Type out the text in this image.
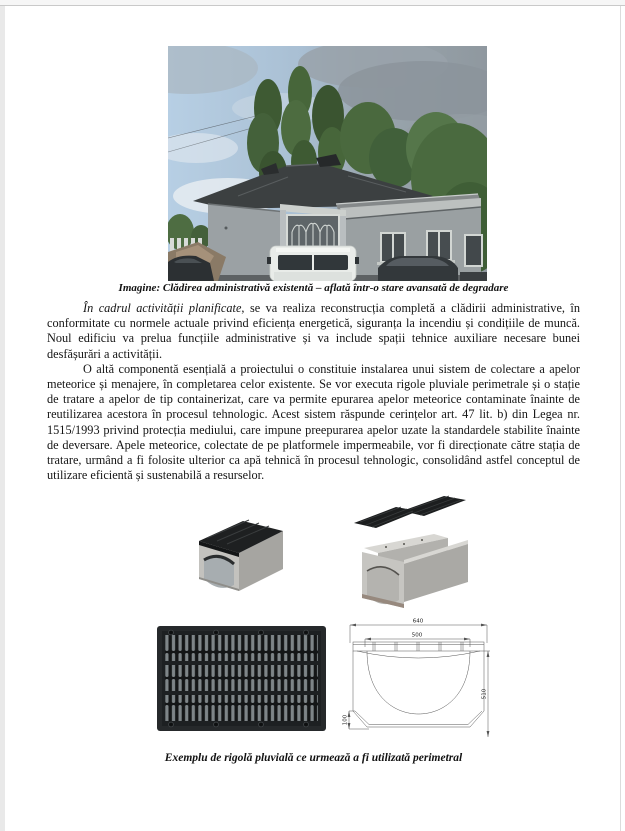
Imagine: Clădirea administrativă existentă – aflată într-o stare avansată de degradare

În cadrul activității planificate, se va realiza reconstrucția completă a clădirii administrative, în conformitate cu normele actuale privind eficiența energetică, siguranța la incendiu și condițiile de muncă. Noul edificiu va prelua funcțiile administrative și va include spații tehnice auxiliare necesare bunei desfășurări a activității.

O altă componentă esențială a proiectului o constituie instalarea unui sistem de colectare a apelor meteorice și menajere, în completarea celor existente. Se vor executa rigole pluviale perimetrale și o stație de tratare a apelor de tip containerizat, care va permite epurarea apelor meteorice contaminate înainte de reutilizarea acestora în procesul tehnologic. Acest sistem răspunde cerințelor art. 47 lit. b) din Legea nr. 1515/1993 privind protecția mediului, care impune preepurarea apelor uzate la standardele stabilite înainte de deversare. Apele meteorice, colectate de pe platformele impermeabile, vor fi direcționate către stația de tratare, urmând a fi folosite ulterior ca apă tehnică în procesul tehnologic, consolidând astfel conceptul de utilizare eficientă și sustenabilă a resurselor.

640
500
510
100
Exemplu de rigolă pluvială ce urmează a fi utilizată perimetral
